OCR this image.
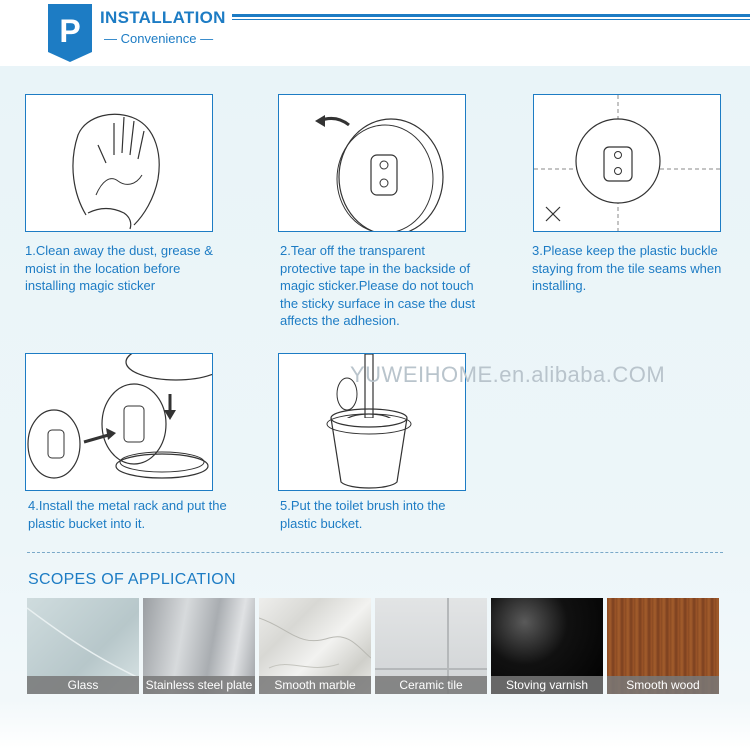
P INSTALLATION
— Convenience —
1.Clean away the dust, grease & moist in the location before installing magic sticker
2.Tear off the transparent protective tape in the backside of magic sticker.Please do not touch the sticky surface in case the dust affects the adhesion.
3.Please keep the plastic buckle staying from the tile seams when installing.
4.Install the metal rack and put the plastic bucket into it.
5.Put the toilet brush into the plastic bucket.
YUWEIHOME.en.alibaba.COM
SCOPES OF APPLICATION
Glass	Stainless steel plate	Smooth marble	Ceramic tile	Stoving varnish	Smooth wood
